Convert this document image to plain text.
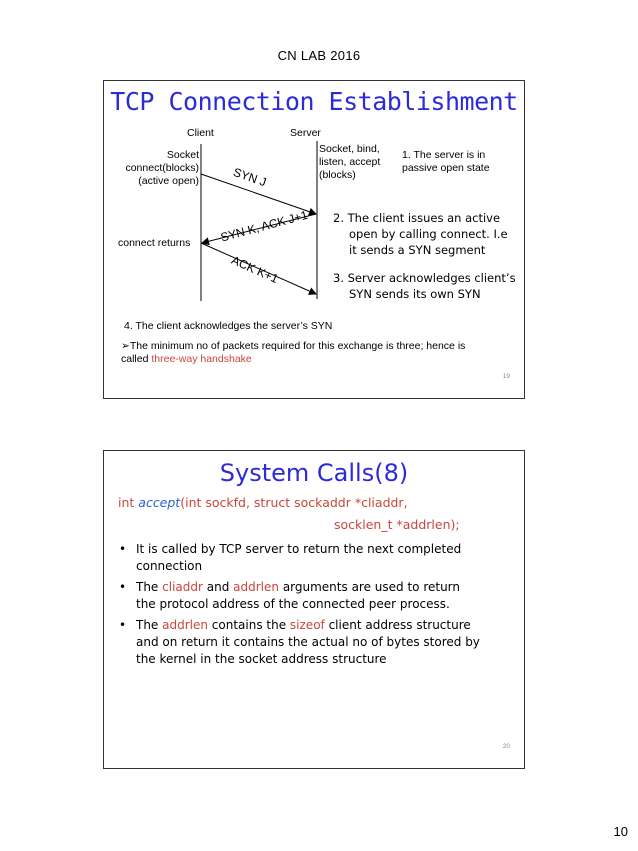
CN LAB 2016
TCP Connection Establishment
Client	Server
Socket
connect(blocks)
(active open)
Socket, bind,
listen, accept
(blocks)
1. The server is in
passive open state
SYN J
SYN K, ACK J+1
ACK K+1
2. The client issues an active
open by calling connect. I.e
it sends a SYN segment
connect returns
3. Server acknowledges client’s
SYN sends its own SYN
4. The client acknowledges the server’s SYN
➢The minimum no of packets required for this exchange is three; hence is
called three-way handshake
19
System Calls(8)
int accept(int sockfd, struct sockaddr *cliaddr,
socklen_t *addrlen);
• It is called by TCP server to return the next completed
connection
• The cliaddr and addrlen arguments are used to return
the protocol address of the connected peer process.
• The addrlen contains the sizeof client address structure
and on return it contains the actual no of bytes stored by
the kernel in the socket address structure
20
10
